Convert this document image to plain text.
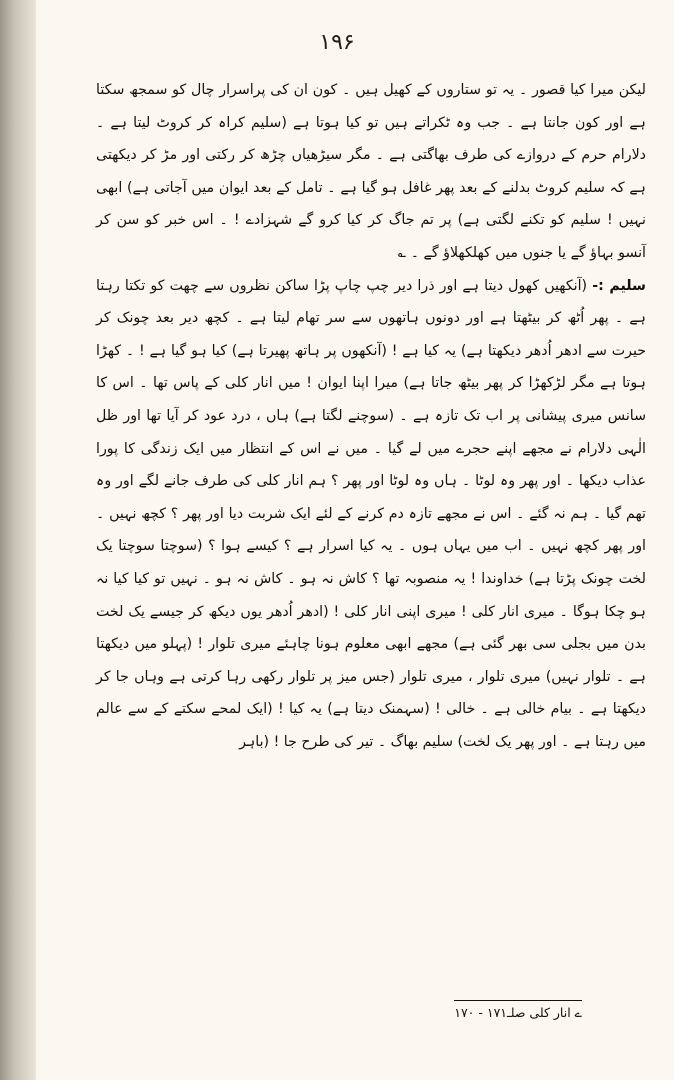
۱۹۶

لیکن میرا کیا قصور ۔ یہ تو ستاروں کے کھیل ہیں ۔ کون ان کی پراسرار چال کو سمجھ سکتا ہے اور کون جانتا ہے ۔ جب وہ ٹکراتے ہیں تو کیا ہوتا ہے (سلیم کراہ کر کروٹ لیتا ہے ۔ دلارام حرم کے دروازے کی طرف بھاگتی ہے ۔ مگر سیڑھیاں چڑھ کر رکتی اور مڑ کر دیکھتی ہے کہ سلیم کروٹ بدلنے کے بعد پھر غافل ہو گیا ہے ۔ تامل کے بعد ایوان میں آجاتی ہے) ابھی نہیں ! سلیم کو تکنے لگتی ہے) پر تم جاگ کر کیا کرو گے شہزادے ! ۔ اس خبر کو سن کر آنسو بہاؤ گے یا جنوں میں کھلکھلاؤ گے ۔ ؎

سلیم :- (آنکھیں کھول دیتا ہے اور ذرا دیر چپ چاپ پڑا ساکن نظروں سے چھت کو تکتا رہتا ہے ۔ پھر اُٹھ کر بیٹھتا ہے اور دونوں ہاتھوں سے سر تھام لیتا ہے ۔ کچھ دیر بعد چونک کر حیرت سے ادھر اُدھر دیکھتا ہے) یہ کیا ہے ! (آنکھوں پر ہاتھ پھیرتا ہے) کیا ہو گیا ہے ! ۔ کھڑا ہوتا ہے مگر لڑکھڑا کر پھر بیٹھ جاتا ہے) میرا اپنا ایوان ! میں انار کلی کے پاس تھا ۔ اس کا سانس میری پیشانی پر اب تک تازہ ہے ۔ (سوچنے لگتا ہے) ہاں ، درد عود کر آیا تھا اور ظل الٰہی دلارام نے مجھے اپنے حجرے میں لے گیا ۔ میں نے اس کے انتظار میں ایک زندگی کا پورا عذاب دیکھا ۔ اور پھر وہ لوٹا ۔ ہاں وہ لوٹا اور پھر ؟ ہم انار کلی کی طرف جانے لگے اور وہ تھم گیا ۔ ہم نہ گئے ۔ اس نے مجھے تازہ دم کرنے کے لئے ایک شربت دیا اور پھر ؟ کچھ نہیں ۔ اور پھر کچھ نہیں ۔ اب میں یہاں ہوں ۔ یہ کیا اسرار ہے ؟ کیسے ہوا ؟ (سوچتا سوچتا یک لخت چونک پڑتا ہے) خداوندا ! یہ منصوبہ تھا ؟ کاش نہ ہو ۔ کاش نہ ہو ۔ نہیں تو کیا کیا نہ ہو چکا ہوگا ۔ میری انار کلی ! میری اپنی انار کلی ! (ادھر اُدھر یوں دیکھ کر جیسے یک لخت بدن میں بجلی سی بھر گئی ہے) مجھے ابھی معلوم ہونا چاہئے میری تلوار ! (پہلو میں دیکھتا ہے ۔ تلوار نہیں) میری تلوار ، میری تلوار (جس میز پر تلوار رکھی رہا کرتی ہے وہاں جا کر دیکھتا ہے ۔ بیام خالی ہے ۔ خالی ! (سہمنک دیتا ہے) یہ کیا ! (ایک لمحے سکتے کے سے عالم میں رہتا ہے ۔ اور پھر یک لخت) سلیم بھاگ ۔ تیر کی طرح جا ! (باہر

ے انار کلی صلـ۱۷۱ - ۱۷۰
